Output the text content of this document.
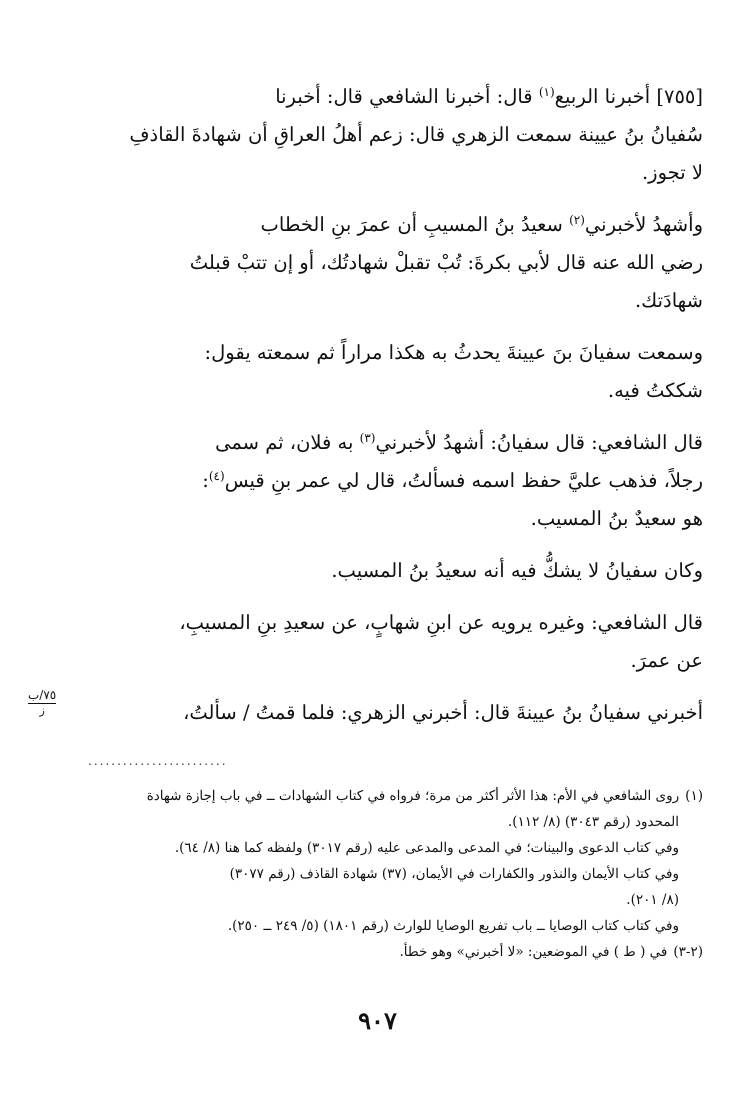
[٧٥٥] أخبرنا الربيع$^{(١)}$ قال: أخبرنا الشافعي قال: أخبرنا
سُفيانُ بنُ عيينة سمعت الزهري قال: زعم أهلُ العراقِ أن شهادةَ القاذفِ
لا تجوز.

وأشهدُ لأخبرني$^{(٢)}$ سعيدُ بنُ المسيبِ أن عمرَ بنِ الخطاب
رضي الله عنه قال لأبي بكرةَ: تُبْ تقبلْ شهادتُك، أو إن تتبْ قبلتُ
شهادَتك.

وسمعت سفيانَ بنَ عيينةَ يحدثُ به هكذا مراراً ثم سمعته يقول:
شككتُ فيه.

قال الشافعي: قال سفيانُ: أشهدُ لأخبرني$^{(٣)}$ به فلان، ثم سمى
رجلاً، فذهب عليَّ حفظ اسمه فسألتُ، قال لي عمر بنِ قيس$^{(٤)}$:
هو سعيدٌ بنُ المسيب.

وكان سفيانُ لا يشكُّ فيه أنه سعيدُ بنُ المسيب.

قال الشافعي: وغيره يرويه عن ابنِ شهابٍ، عن سعيدِ بنِ المسيبِ،
عن عمرَ.

أخبرني سفيانُ بنُ عيينةَ قال: أخبرني الزهري: فلما قمتُ / سألتُ،

٧٥/ب
ز
........................

(١)روى الشافعي في الأم: هذا الأثر أكثر من مرة؛ فرواه في كتاب الشهادات ــ في باب إجازة شهادة

المحدود (رقم ٣٠٤٣) (٨/ ١١٢).

وفي كتاب الدعوى والبينات؛ في المدعى والمدعى عليه (رقم ٣٠١٧) ولفظه كما هنا (٨/ ٦٤).

وفي كتاب الأيمان والنذور والكفارات في الأيمان، (٣٧) شهادة القاذف (رقم ٣٠٧٧)

(٨/ ٢٠١).

وفي كتاب كتاب الوصايا ــ باب تفريع الوصايا للوارث (رقم ١٨٠١) (٥/ ٢٤٩ ــ ٢٥٠).

(٢-٣)في ( ط ) في الموضعين: «لا أخبرني» وهو خطأ.

٩٠٧
